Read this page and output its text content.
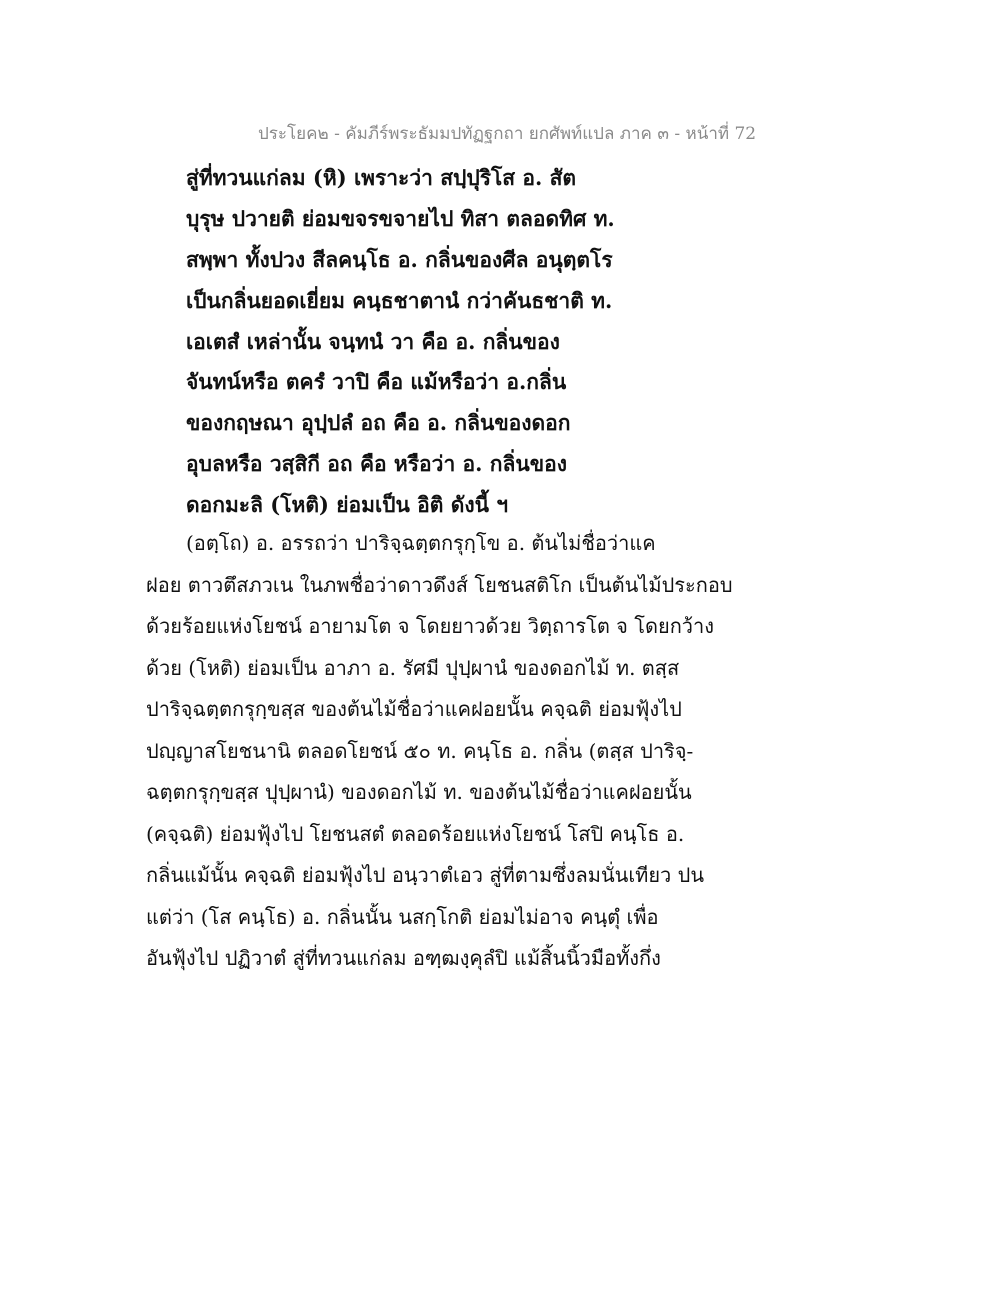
ประโยค๒ - คัมภีร์พระธัมมปทัฏฐกถา ยกศัพท์แปล ภาค ๓ - หน้าที่ 72
สู่ที่ทวนแก่ลม (หิ) เพราะว่า สปฺปุริโส อ. สัต
บุรุษ ปวายติ ย่อมขจรขจายไป ทิสา ตลอดทิศ ท.
สพฺพา ทั้งปวง สีลคนฺโธ อ. กลิ่นของศีล อนุตฺตโร
เป็นกลิ่นยอดเยี่ยม คนฺธชาตานํ กว่าคันธชาติ ท.
เอเตสํ เหล่านั้น จนฺทนํ วา คือ อ. กลิ่นของ
จันทน์หรือ ตครํ วาปิ คือ แม้หรือว่า อ.กลิ่น
ของกฤษณา อุปฺปลํ อถ คือ อ. กลิ่นของดอก
อุบลหรือ วสฺสิกี อถ คือ หรือว่า อ. กลิ่นของ
ดอกมะลิ (โหติ) ย่อมเป็น อิติ ดังนี้ ฯ
(อตฺโถ) อ. อรรถว่า ปาริจฺฉตฺตกรุกฺโข อ. ต้นไม่ชื่อว่าแค
ฝอย ตาวตึสภวเน ในภพชื่อว่าดาวดึงส์ โยชนสติโก เป็นต้นไม้ประกอบ
ด้วยร้อยแห่งโยชน์ อายามโต จ โดยยาวด้วย วิตฺถารโต จ โดยกว้าง
ด้วย (โหติ) ย่อมเป็น อาภา อ. รัศมี ปุปฺผานํ ของดอกไม้ ท. ตสฺส
ปาริจฺฉตฺตกรุกฺขสฺส ของต้นไม้ชื่อว่าแคฝอยนั้น คจฺฉติ ย่อมฟุ้งไป
ปญฺญาสโยชนานิ ตลอดโยชน์ ๕๐ ท. คนฺโธ อ. กลิ่น (ตสฺส ปาริจฺ-
ฉตฺตกรุกฺขสฺส ปุปฺผานํ) ของดอกไม้ ท. ของต้นไม้ชื่อว่าแคฝอยนั้น
(คจฺฉติ) ย่อมฟุ้งไป โยชนสตํ ตลอดร้อยแห่งโยชน์ โสปิ คนฺโธ อ.
กลิ่นแม้นั้น คจฺฉติ ย่อมฟุ้งไป อนฺวาตํเอว สู่ที่ตามซึ่งลมนั่นเทียว ปน
แต่ว่า (โส คนฺโธ) อ. กลิ่นนั้น นสกฺโกติ ย่อมไม่อาจ คนฺตุํ เพื่อ
อันฟุ้งไป ปฏิวาตํ สู่ที่ทวนแก่ลม อฑฺฒงฺคุลํปิ แม้สิ้นนิ้วมือทั้งกึ่ง
